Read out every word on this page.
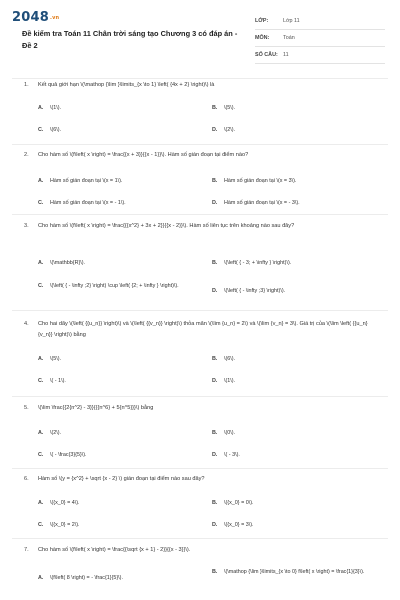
2048.vn
Đề kiểm tra Toán 11 Chân trời sáng tạo Chương 3 có đáp án - Đề 2
LỚP:	Lớp 11
MÔN:	Toán
SỐ CÂU: 11
1. Kết quả giới hạn \(\mathop {\lim }\limits_{x \to 1} \left( {4x + 2} \right)\) là
A.	\(1\).	B.	\(5\).
C.	\(6\).	D.	\(2\).
2. Cho hàm số \(f\left( x \right) = \frac{{x + 3}}{{x - 1}}\). Hàm số gián đoạn tại điểm nào?
A.	Hàm số gián đoạn tại \(x = 1\).	B.	Hàm số gián đoạn tại \(x = 3\).
C.	Hàm số gián đoạn tại \(x = - 1\).	D.	Hàm số gián đoạn tại \(x = - 3\).
3. Cho hàm số \(f\left( x \right) = \frac{{{x^2} + 3x + 2}}{{x - 2}}\). Hàm số liên tục trên khoảng nào sau đây?
A.	\(\mathbb{R}\).	B.	\(\left( { - 3; + \infty } \right)\).
C.	\(\left( { - \infty ;2} \right) \cup \left( {2; + \infty } \right)\).
D.	\(\left( { - \infty ;3} \right)\).
4. Cho hai dãy \(\left( {{u_n}} \right)\) và \(\left( {{v_n}} \right)\) thỏa mãn \(\lim {u_n} = 2\) và \(\lim {v_n} = 3\). Giá trị của \(\lim \left( {{u_n}{v_n}} \right)\) bằng
A.	\(5\).	B.	\(6\).
C.	\( - 1\).	D.	\(1\).
5. \(\lim \frac{{2{n^2} - 3}}{{{n^6} + 5{n^5}}}\) bằng
A.	\(2\).	B.	\(0\).
C.	\( - \frac{3}{5}\).	D.	\( - 3\).
6. Hàm số \(y = {x^2} + \sqrt {x - 2} \) gián đoạn tại điểm nào sau đây?
A.	\({x_0} = 4\).	B.	\({x_0} = 0\).
C.	\({x_0} = 2\).	D.	\({x_0} = 3\).
7. Cho hàm số \(f\left( x \right) = \frac{{\sqrt {x + 1} - 2}}{{x - 3}}\).
A.	\(f\left( 8 \right) = - \frac{1}{5}\).
B.	\(\mathop {\lim }\limits_{x \to 0} f\left( x \right) = \frac{1}{3}\).
